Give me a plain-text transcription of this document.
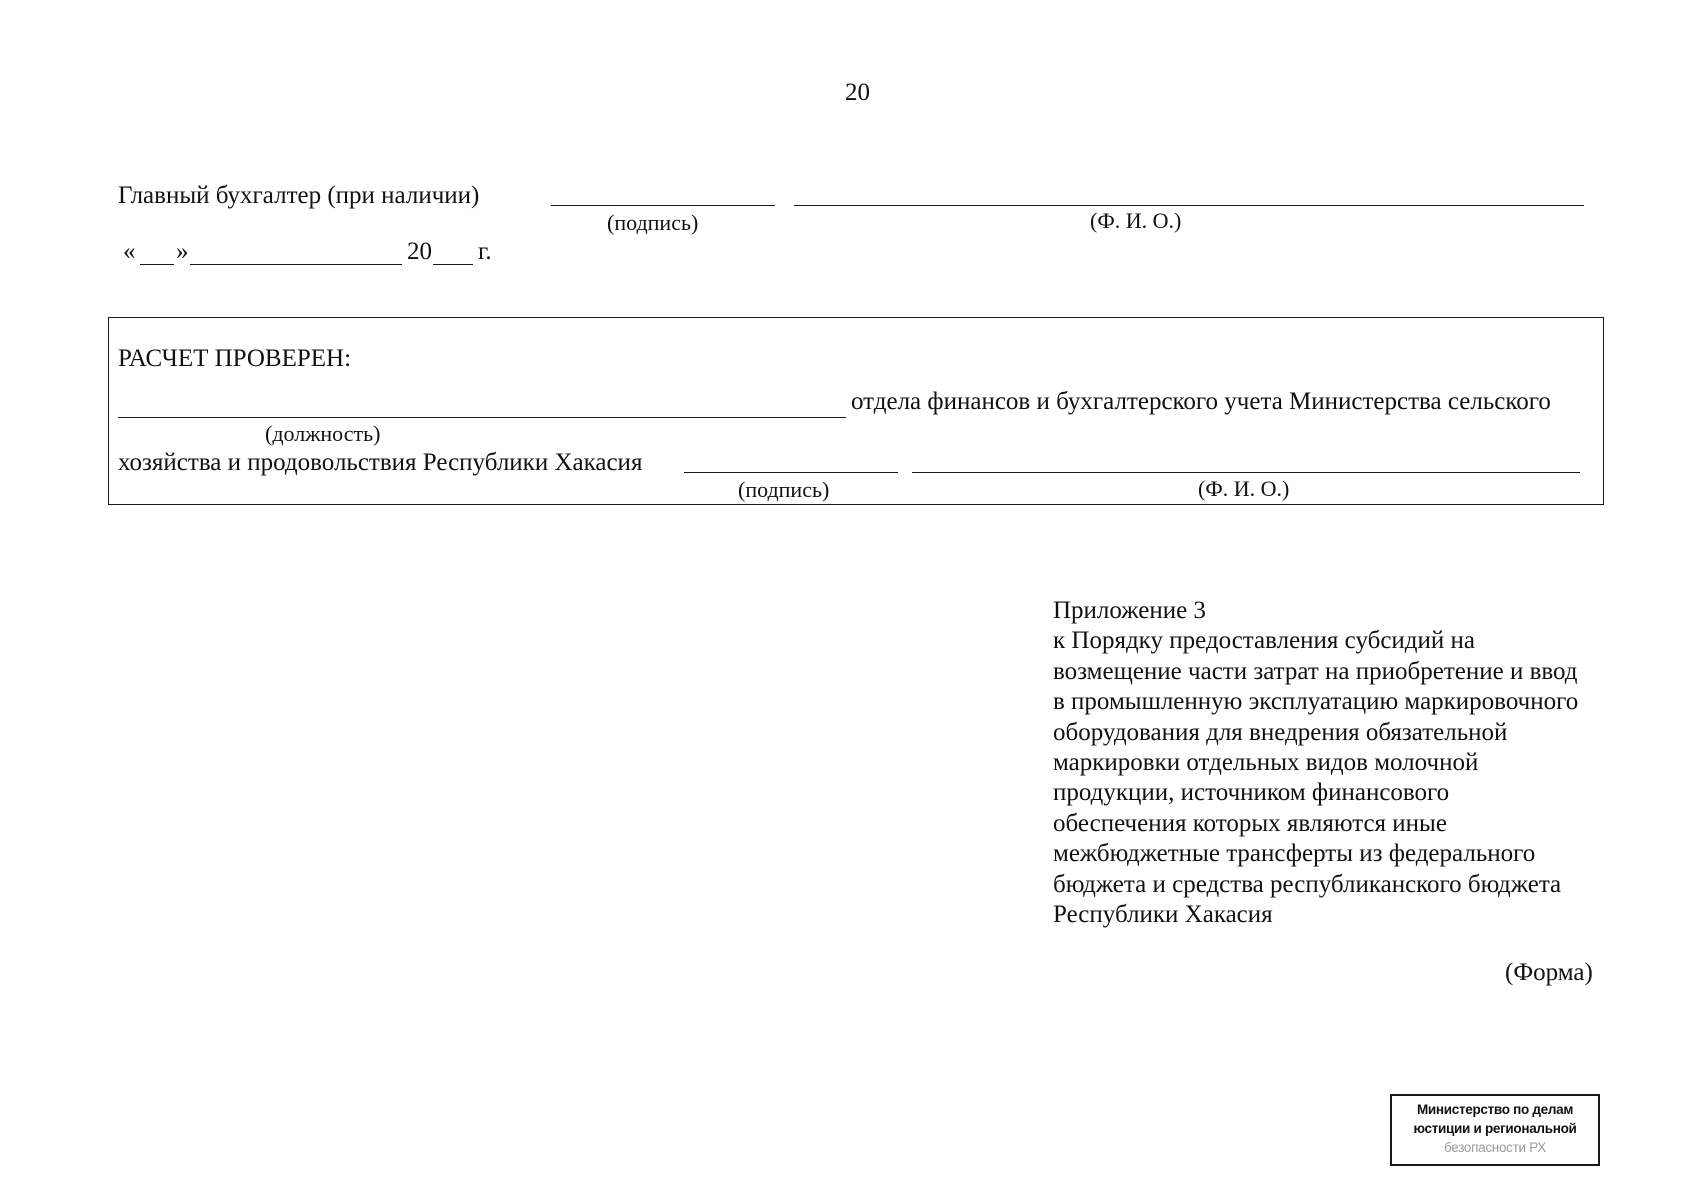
20
Главный бухгалтер (при наличии)
(подпись)	(Ф. И. О.)
« »	20 г.
РАСЧЕТ ПРОВЕРЕН:
отдела финансов и бухгалтерского учета Министерства сельского
(должность)
хозяйства и продовольствия Республики Хакасия
(подпись)	(Ф. И. О.)
Приложение 3
к Порядку предоставления субсидий на
возмещение части затрат на приобретение и ввод
в промышленную эксплуатацию маркировочного
оборудования для внедрения обязательной
маркировки отдельных видов молочной
продукции, источником финансового
обеспечения которых являются иные
межбюджетные трансферты из федерального
бюджета и средства республиканского бюджета
Республики Хакасия
(Форма)
Министерство по делам
юстиции и региональной
безопасности РХ
